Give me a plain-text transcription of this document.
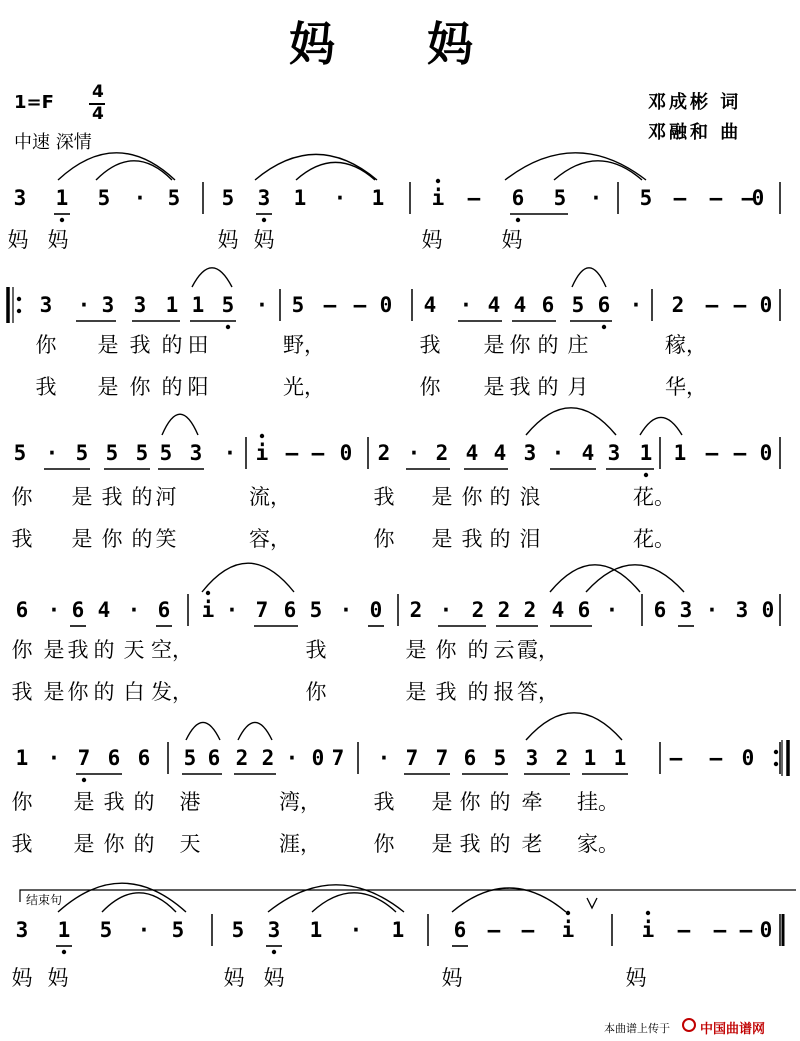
妈 妈
1=F 4
4
中速 深情
邓成彬 词
邓融和 曲
3 1 5 · 5 5 3 1 · 1 i – 6 5 · 5 – – –
0
妈 妈	妈 妈	妈	妈
3 · 3 3 1 1 5 · 5 – – 0 4 · 4 4 6 5 6 · 2 – – 0
你 是 我 的 田	野，	我 是 你 的 庄	稼，
我 是 你 的 阳	光，	你 是 我 的 月	华，
5 · 5 5 5 5 3 · i – – 0 2 · 2 4 4 3 · 4 3 1 1 – – 0
你 是 我 的 河	流，	我 是 你 的 浪	花。
我 是 你 的 笑	容，	你 是 我 的 泪	花。
6 · 6 4 · 6 i · 7 6 5 · 0 2 · 2 2 2 4 6 · 6 3 · 3 0
你 是 我 的 天 空，	我	是 你 的 云 霞，
我 是 你 的 白 发，	你	是 我 的 报 答，
1 · 7 6 6 5 6 2 2 · 0 7 · 7 7 6 5 3 2 1 1 – – 0
你 是 我 的 港	湾，	我 是 你 的 牵 挂。
我 是 你 的 天	涯，	你 是 我 的 老 家。
3 1 5 · 5 5 3 1 · 1 6 – – i	i – – – 0
妈 妈	妈 妈	妈	妈
结束句
本曲谱上传于 中国曲谱网
